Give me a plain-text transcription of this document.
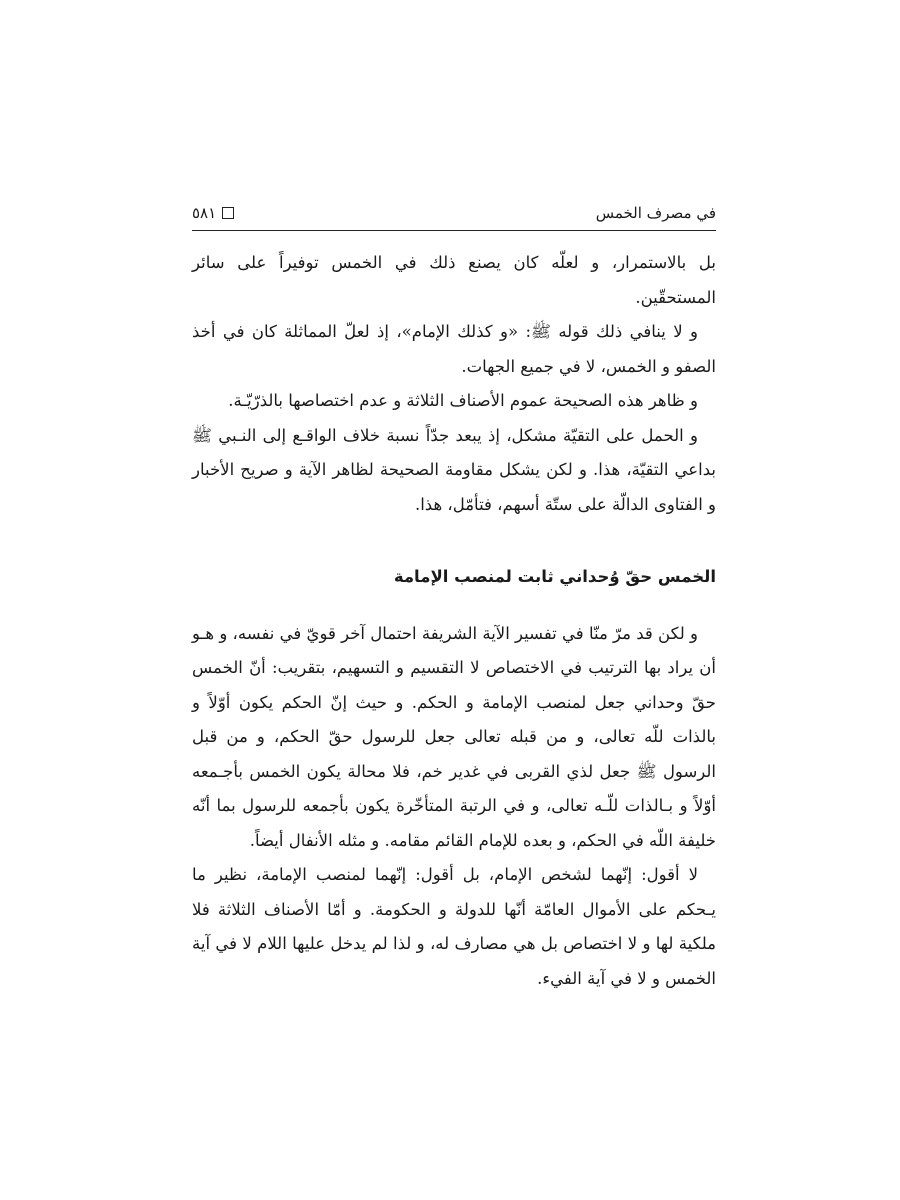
في مصرف الخمس
٥٨١

بل بالاستمرار، و لعلّه كان يصنع ذلك في الخمس توفيراً على سائر المستحقّين.

و لا ينافي ذلك قوله ﷺ: «و كذلك الإمام»، إذ لعلّ المماثلة كان في أخذ الصفو و الخمس، لا في جميع الجهات.

و ظاهر هذه الصحيحة عموم الأصناف الثلاثة و عدم اختصاصها بالذرّيّـة.

و الحمل على التقيّة مشكل، إذ يبعد جدّاً نسبة خلاف الواقـع إلى النـبي ﷺ بداعي التقيّة، هذا. و لكن يشكل مقاومة الصحيحة لظاهر الآية و صريح الأخبار و الفتاوى الدالّة على ستّة أسهم، فتأمّل، هذا.

الخمس حقّ وُحداني ثابت لمنصب الإمامة

و لكن قد مرّ منّا في تفسير الآية الشريفة احتمال آخر قويّ في نفسه، و هـو أن يراد بها الترتيب في الاختصاص لا التقسيم و التسهيم، بتقريب: أنّ الخمس حقّ وحداني جعل لمنصب الإمامة و الحكم. و حيث إنّ الحكم يكون أوّلاً و بالذات للّه تعالى، و من قبله تعالى جعل للرسول حقّ الحكم، و من قبل الرسول ﷺ جعل لذي القربى في غدير خم، فلا محالة يكون الخمس بأجـمعه أوّلاً و بـالذات للّـه تعالى، و في الرتبة المتأخّرة يكون بأجمعه للرسول بما أنّه خليفة اللّه في الحكم، و بعده للإمام القائم مقامه. و مثله الأنفال أيضاً.

لا أقول: إنّهما لشخص الإمام، بل أقول: إنّهما لمنصب الإمامة، نظير ما يـحكم على الأموال العامّة أنّها للدولة و الحكومة. و أمّا الأصناف الثلاثة فلا ملكية لها و لا اختصاص بل هي مصارف له، و لذا لم يدخل عليها اللام لا في آية الخمس و لا في آية الفيء.
